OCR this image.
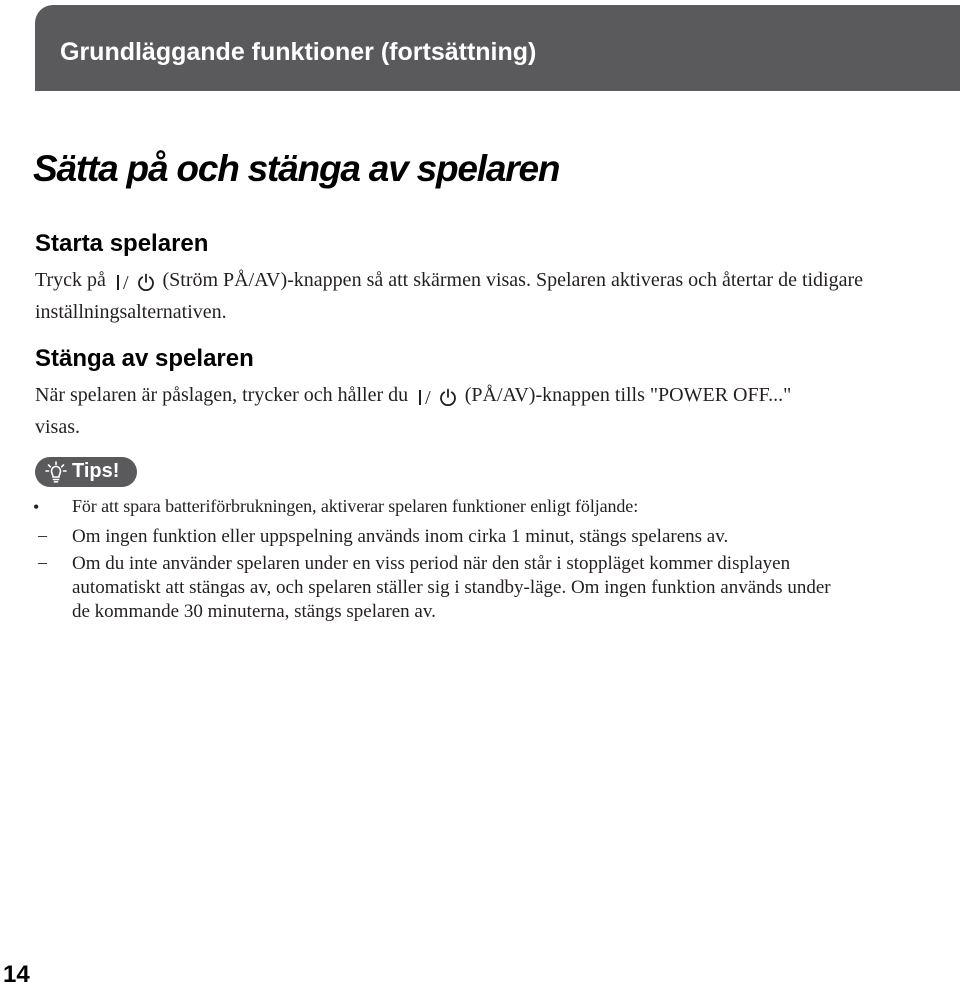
Grundläggande funktioner (fortsättning)
Sätta på och stänga av spelaren
Starta spelaren
Tryck på / (Ström PÅ/AV)-knappen så att skärmen visas. Spelaren aktiveras och återtar de tidigare inställningsalternativen.
Stänga av spelaren
När spelaren är påslagen, trycker och håller du / (PÅ/AV)-knappen tills "POWER OFF..." visas.
Tips!
• För att spara batteriförbrukningen, aktiverar spelaren funktioner enligt följande:
– Om ingen funktion eller uppspelning används inom cirka 1 minut, stängs spelarens av.
– Om du inte använder spelaren under en viss period när den står i stoppläget kommer displayen automatiskt att stängas av, och spelaren ställer sig i standby-läge. Om ingen funktion används under de kommande 30 minuterna, stängs spelaren av.
14
